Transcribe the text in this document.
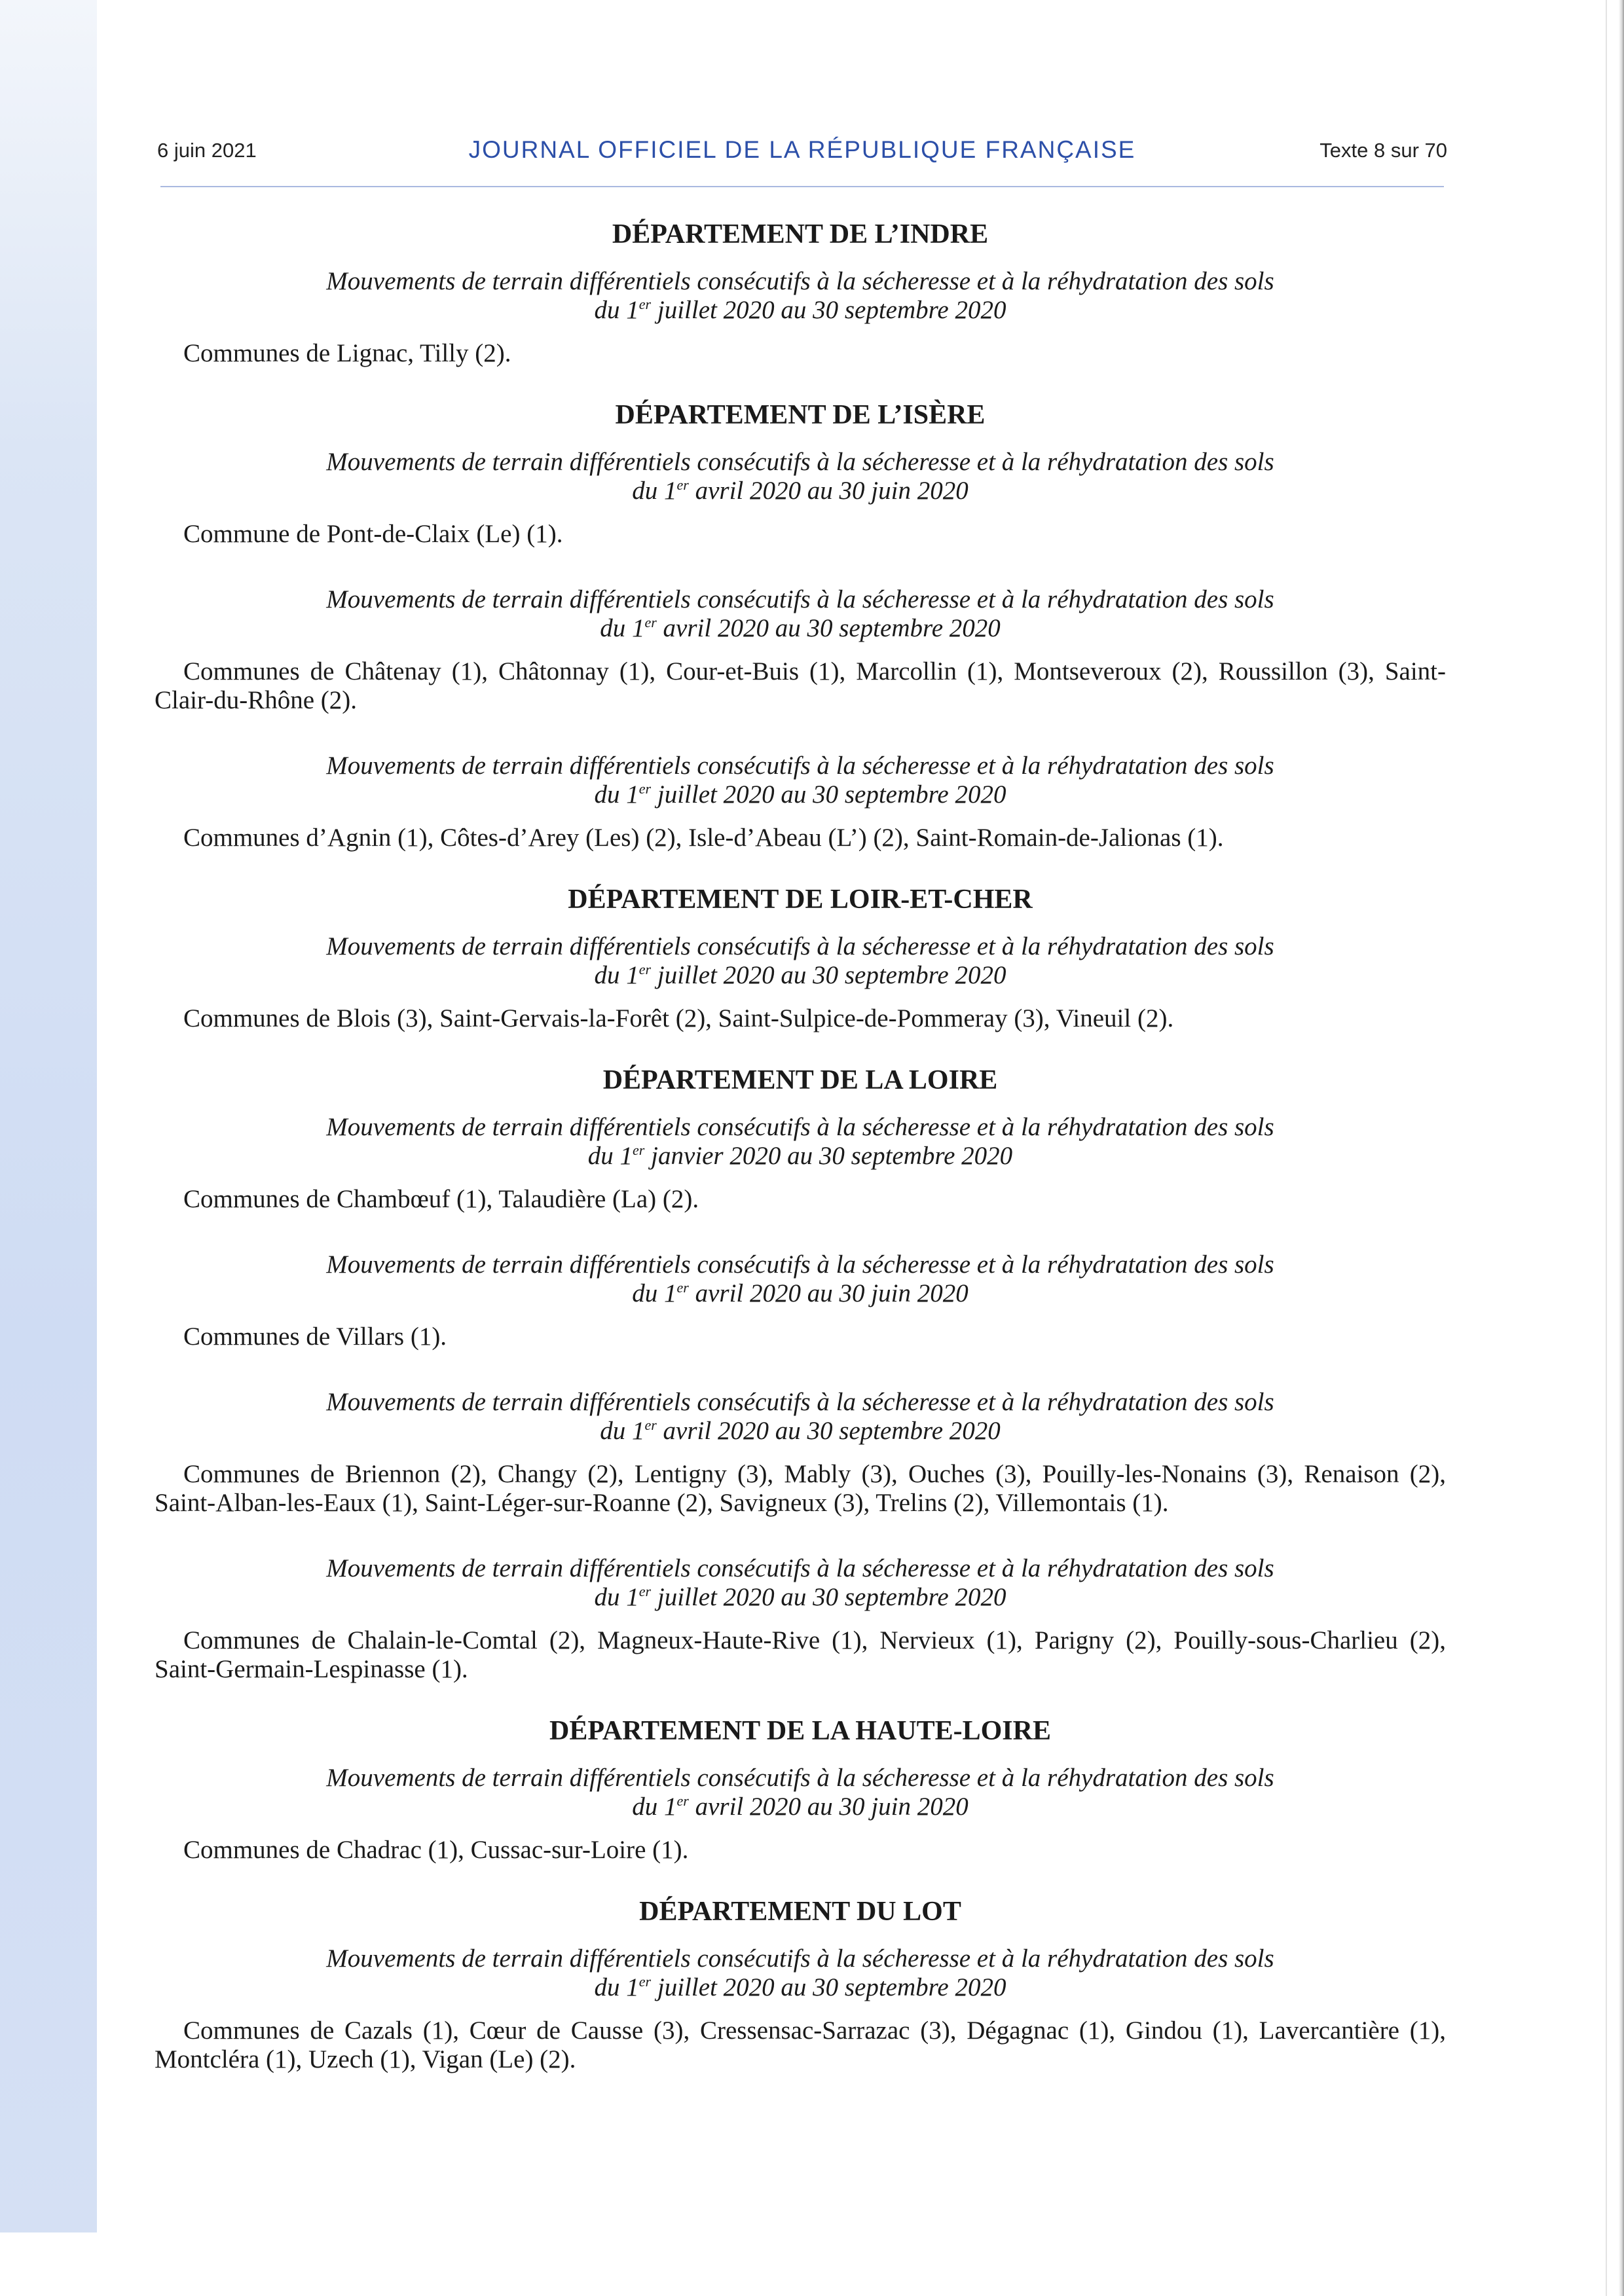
6 juin 2021	JOURNAL OFFICIEL DE LA RÉPUBLIQUE FRANÇAISE	Texte 8 sur 70
DÉPARTEMENT DE L’INDRE
Mouvements de terrain différentiels consécutifs à la sécheresse et à la réhydratation des sols
du 1er juillet 2020 au 30 septembre 2020
Communes de Lignac, Tilly (2).
DÉPARTEMENT DE L’ISÈRE
Mouvements de terrain différentiels consécutifs à la sécheresse et à la réhydratation des sols
du 1er avril 2020 au 30 juin 2020
Commune de Pont-de-Claix (Le) (1).
Mouvements de terrain différentiels consécutifs à la sécheresse et à la réhydratation des sols
du 1er avril 2020 au 30 septembre 2020
Communes de Châtenay (1), Châtonnay (1), Cour-et-Buis (1), Marcollin (1), Montseveroux (2), Roussillon (3), Saint-Clair-du-Rhône (2).
Mouvements de terrain différentiels consécutifs à la sécheresse et à la réhydratation des sols
du 1er juillet 2020 au 30 septembre 2020
Communes d’Agnin (1), Côtes-d’Arey (Les) (2), Isle-d’Abeau (L’) (2), Saint-Romain-de-Jalionas (1).
DÉPARTEMENT DE LOIR-ET-CHER
Mouvements de terrain différentiels consécutifs à la sécheresse et à la réhydratation des sols
du 1er juillet 2020 au 30 septembre 2020
Communes de Blois (3), Saint-Gervais-la-Forêt (2), Saint-Sulpice-de-Pommeray (3), Vineuil (2).
DÉPARTEMENT DE LA LOIRE
Mouvements de terrain différentiels consécutifs à la sécheresse et à la réhydratation des sols
du 1er janvier 2020 au 30 septembre 2020
Communes de Chambœuf (1), Talaudière (La) (2).
Mouvements de terrain différentiels consécutifs à la sécheresse et à la réhydratation des sols
du 1er avril 2020 au 30 juin 2020
Communes de Villars (1).
Mouvements de terrain différentiels consécutifs à la sécheresse et à la réhydratation des sols
du 1er avril 2020 au 30 septembre 2020
Communes de Briennon (2), Changy (2), Lentigny (3), Mably (3), Ouches (3), Pouilly-les-Nonains (3), Renaison (2), Saint-Alban-les-Eaux (1), Saint-Léger-sur-Roanne (2), Savigneux (3), Trelins (2), Villemontais (1).
Mouvements de terrain différentiels consécutifs à la sécheresse et à la réhydratation des sols
du 1er juillet 2020 au 30 septembre 2020
Communes de Chalain-le-Comtal (2), Magneux-Haute-Rive (1), Nervieux (1), Parigny (2), Pouilly-sous-Charlieu (2), Saint-Germain-Lespinasse (1).
DÉPARTEMENT DE LA HAUTE-LOIRE
Mouvements de terrain différentiels consécutifs à la sécheresse et à la réhydratation des sols
du 1er avril 2020 au 30 juin 2020
Communes de Chadrac (1), Cussac-sur-Loire (1).
DÉPARTEMENT DU LOT
Mouvements de terrain différentiels consécutifs à la sécheresse et à la réhydratation des sols
du 1er juillet 2020 au 30 septembre 2020
Communes de Cazals (1), Cœur de Causse (3), Cressensac-Sarrazac (3), Dégagnac (1), Gindou (1), Lavercantière (1), Montcléra (1), Uzech (1), Vigan (Le) (2).
